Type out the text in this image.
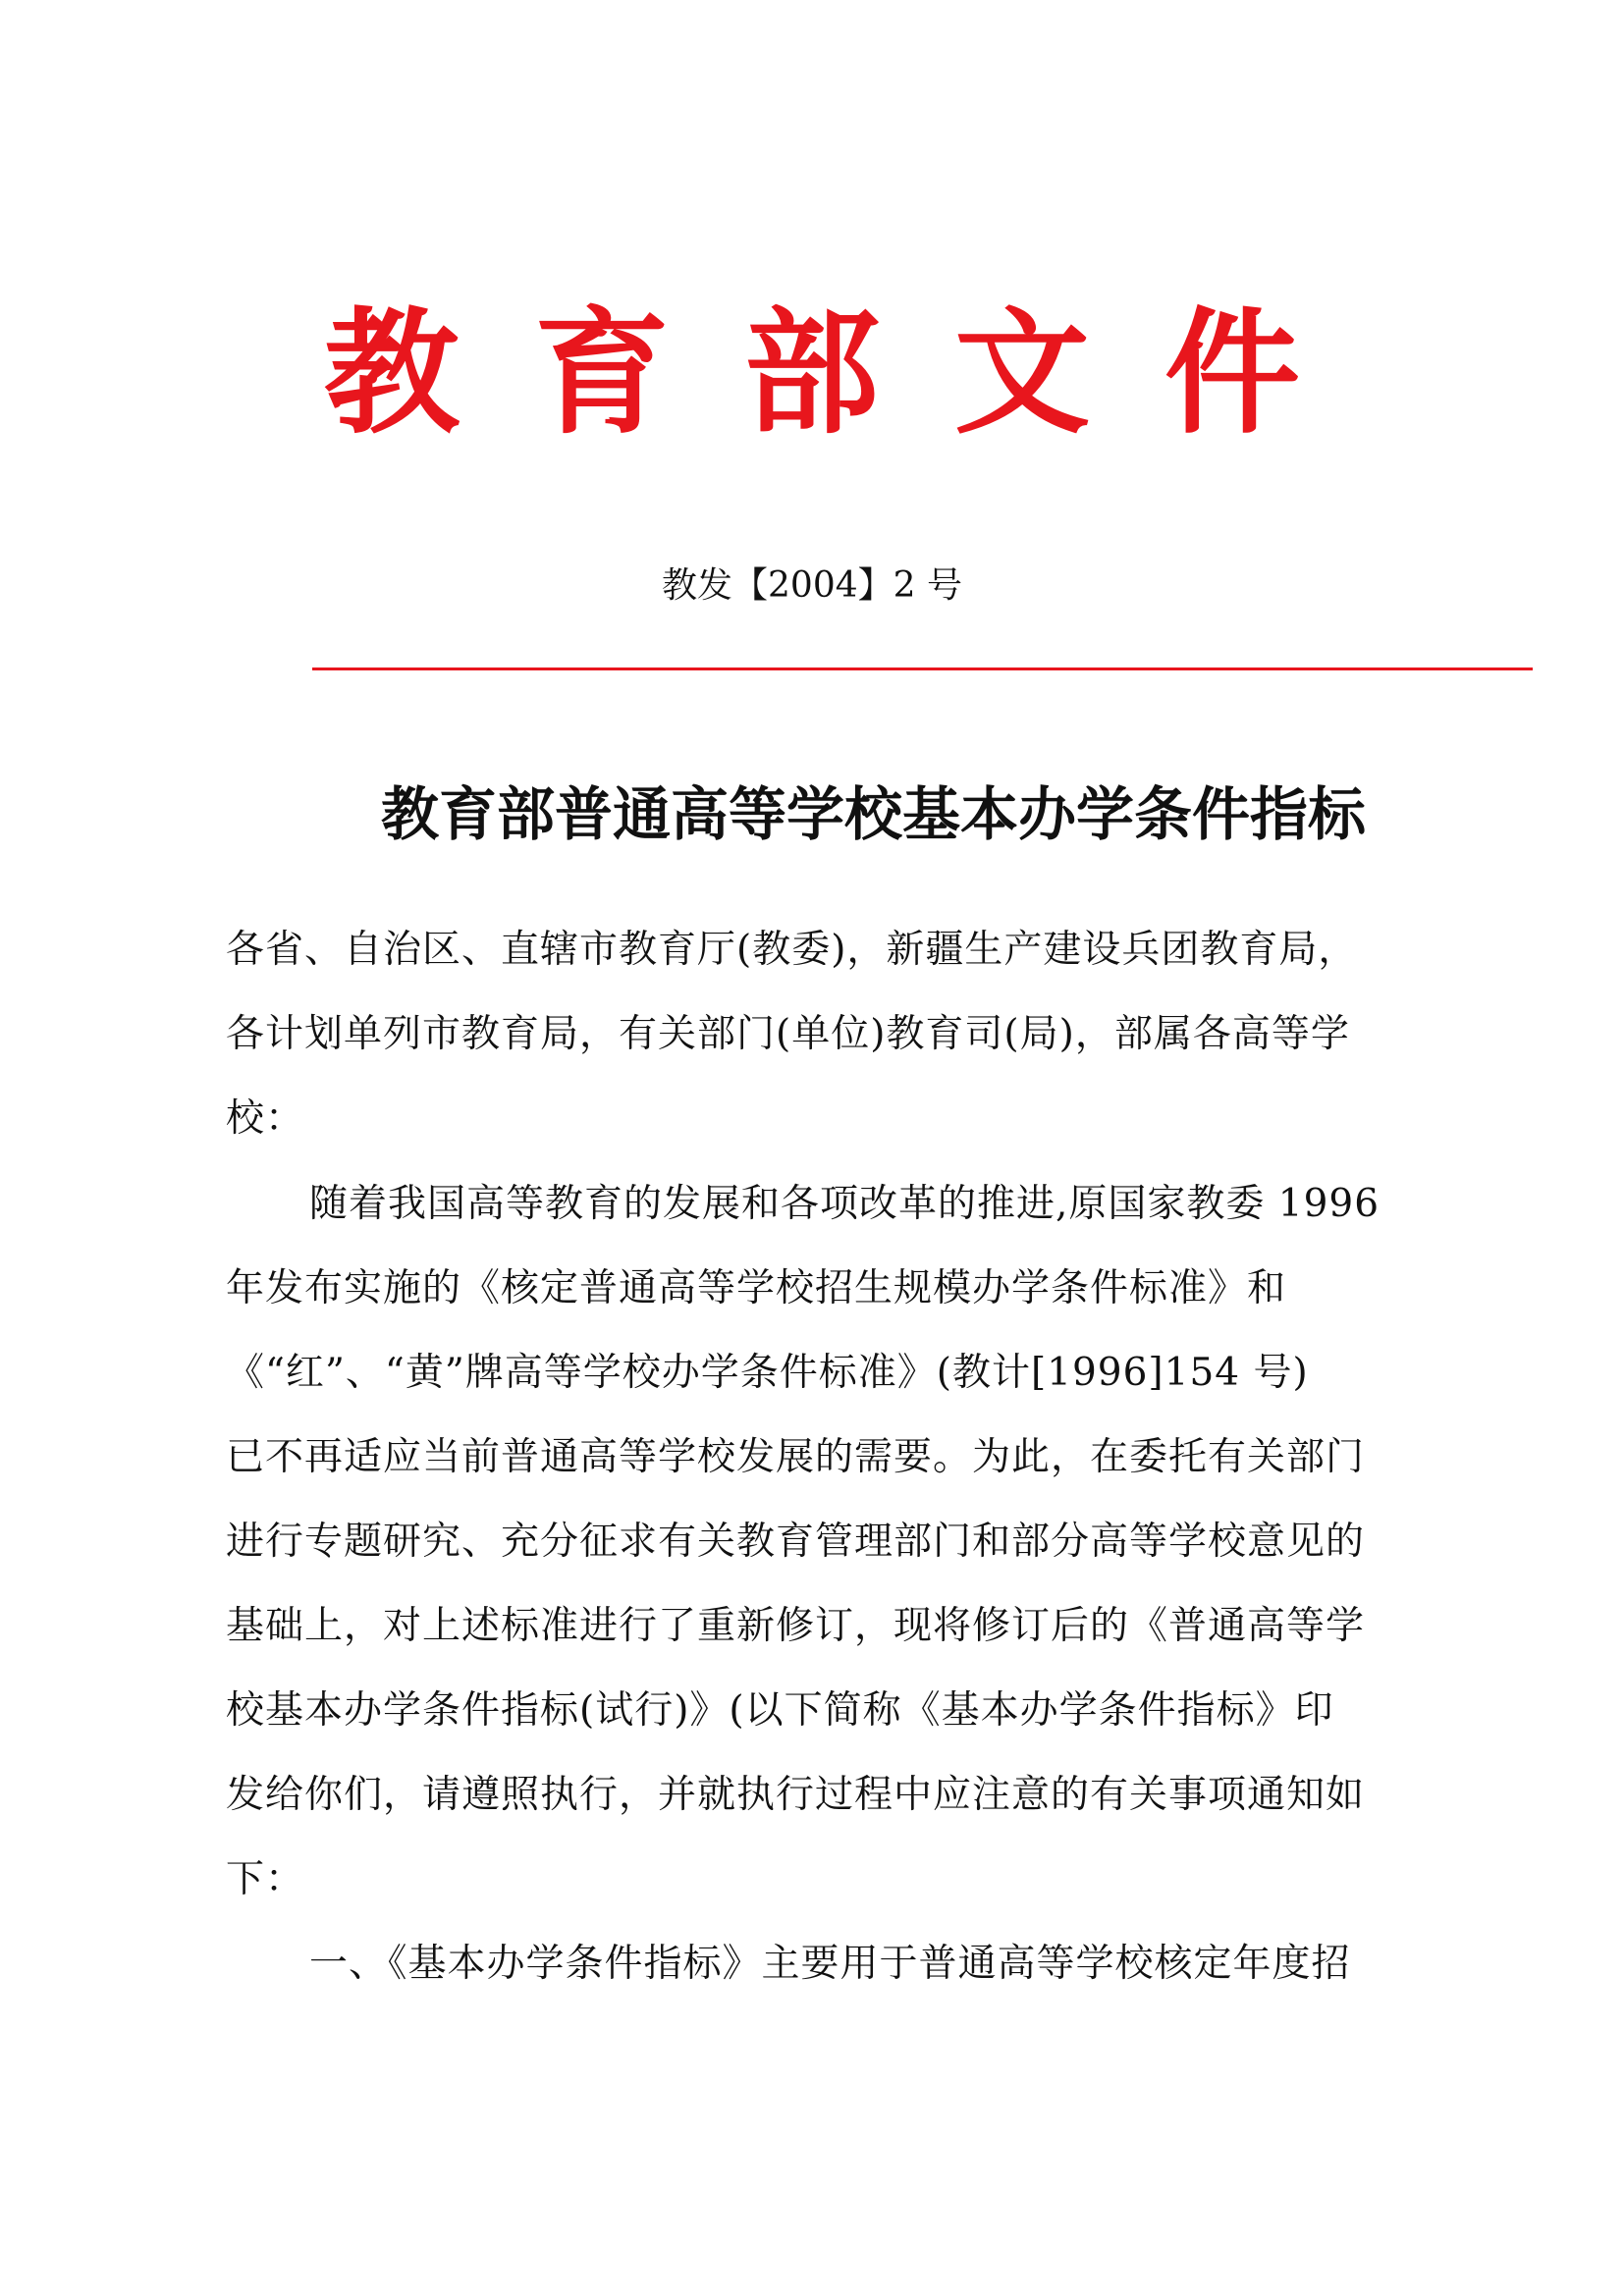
教育部文件
教发【2004】2 号
教育部普通高等学校基本办学条件指标
各省、自治区、直辖市教育厅(教委)，新疆生产建设兵团教育局，
各计划单列市教育局，有关部门(单位)教育司(局)，部属各高等学
校：
随着我国高等教育的发展和各项改革的推进,原国家教委 1996
年发布实施的《核定普通高等学校招生规模办学条件标准》和
《“红”、“黄”牌高等学校办学条件标准》(教计[1996]154 号)
已不再适应当前普通高等学校发展的需要。为此，在委托有关部门
进行专题研究、充分征求有关教育管理部门和部分高等学校意见的
基础上，对上述标准进行了重新修订，现将修订后的《普通高等学
校基本办学条件指标(试行)》(以下简称《基本办学条件指标》印
发给你们，请遵照执行，并就执行过程中应注意的有关事项通知如
下：
一、《基本办学条件指标》主要用于普通高等学校核定年度招
